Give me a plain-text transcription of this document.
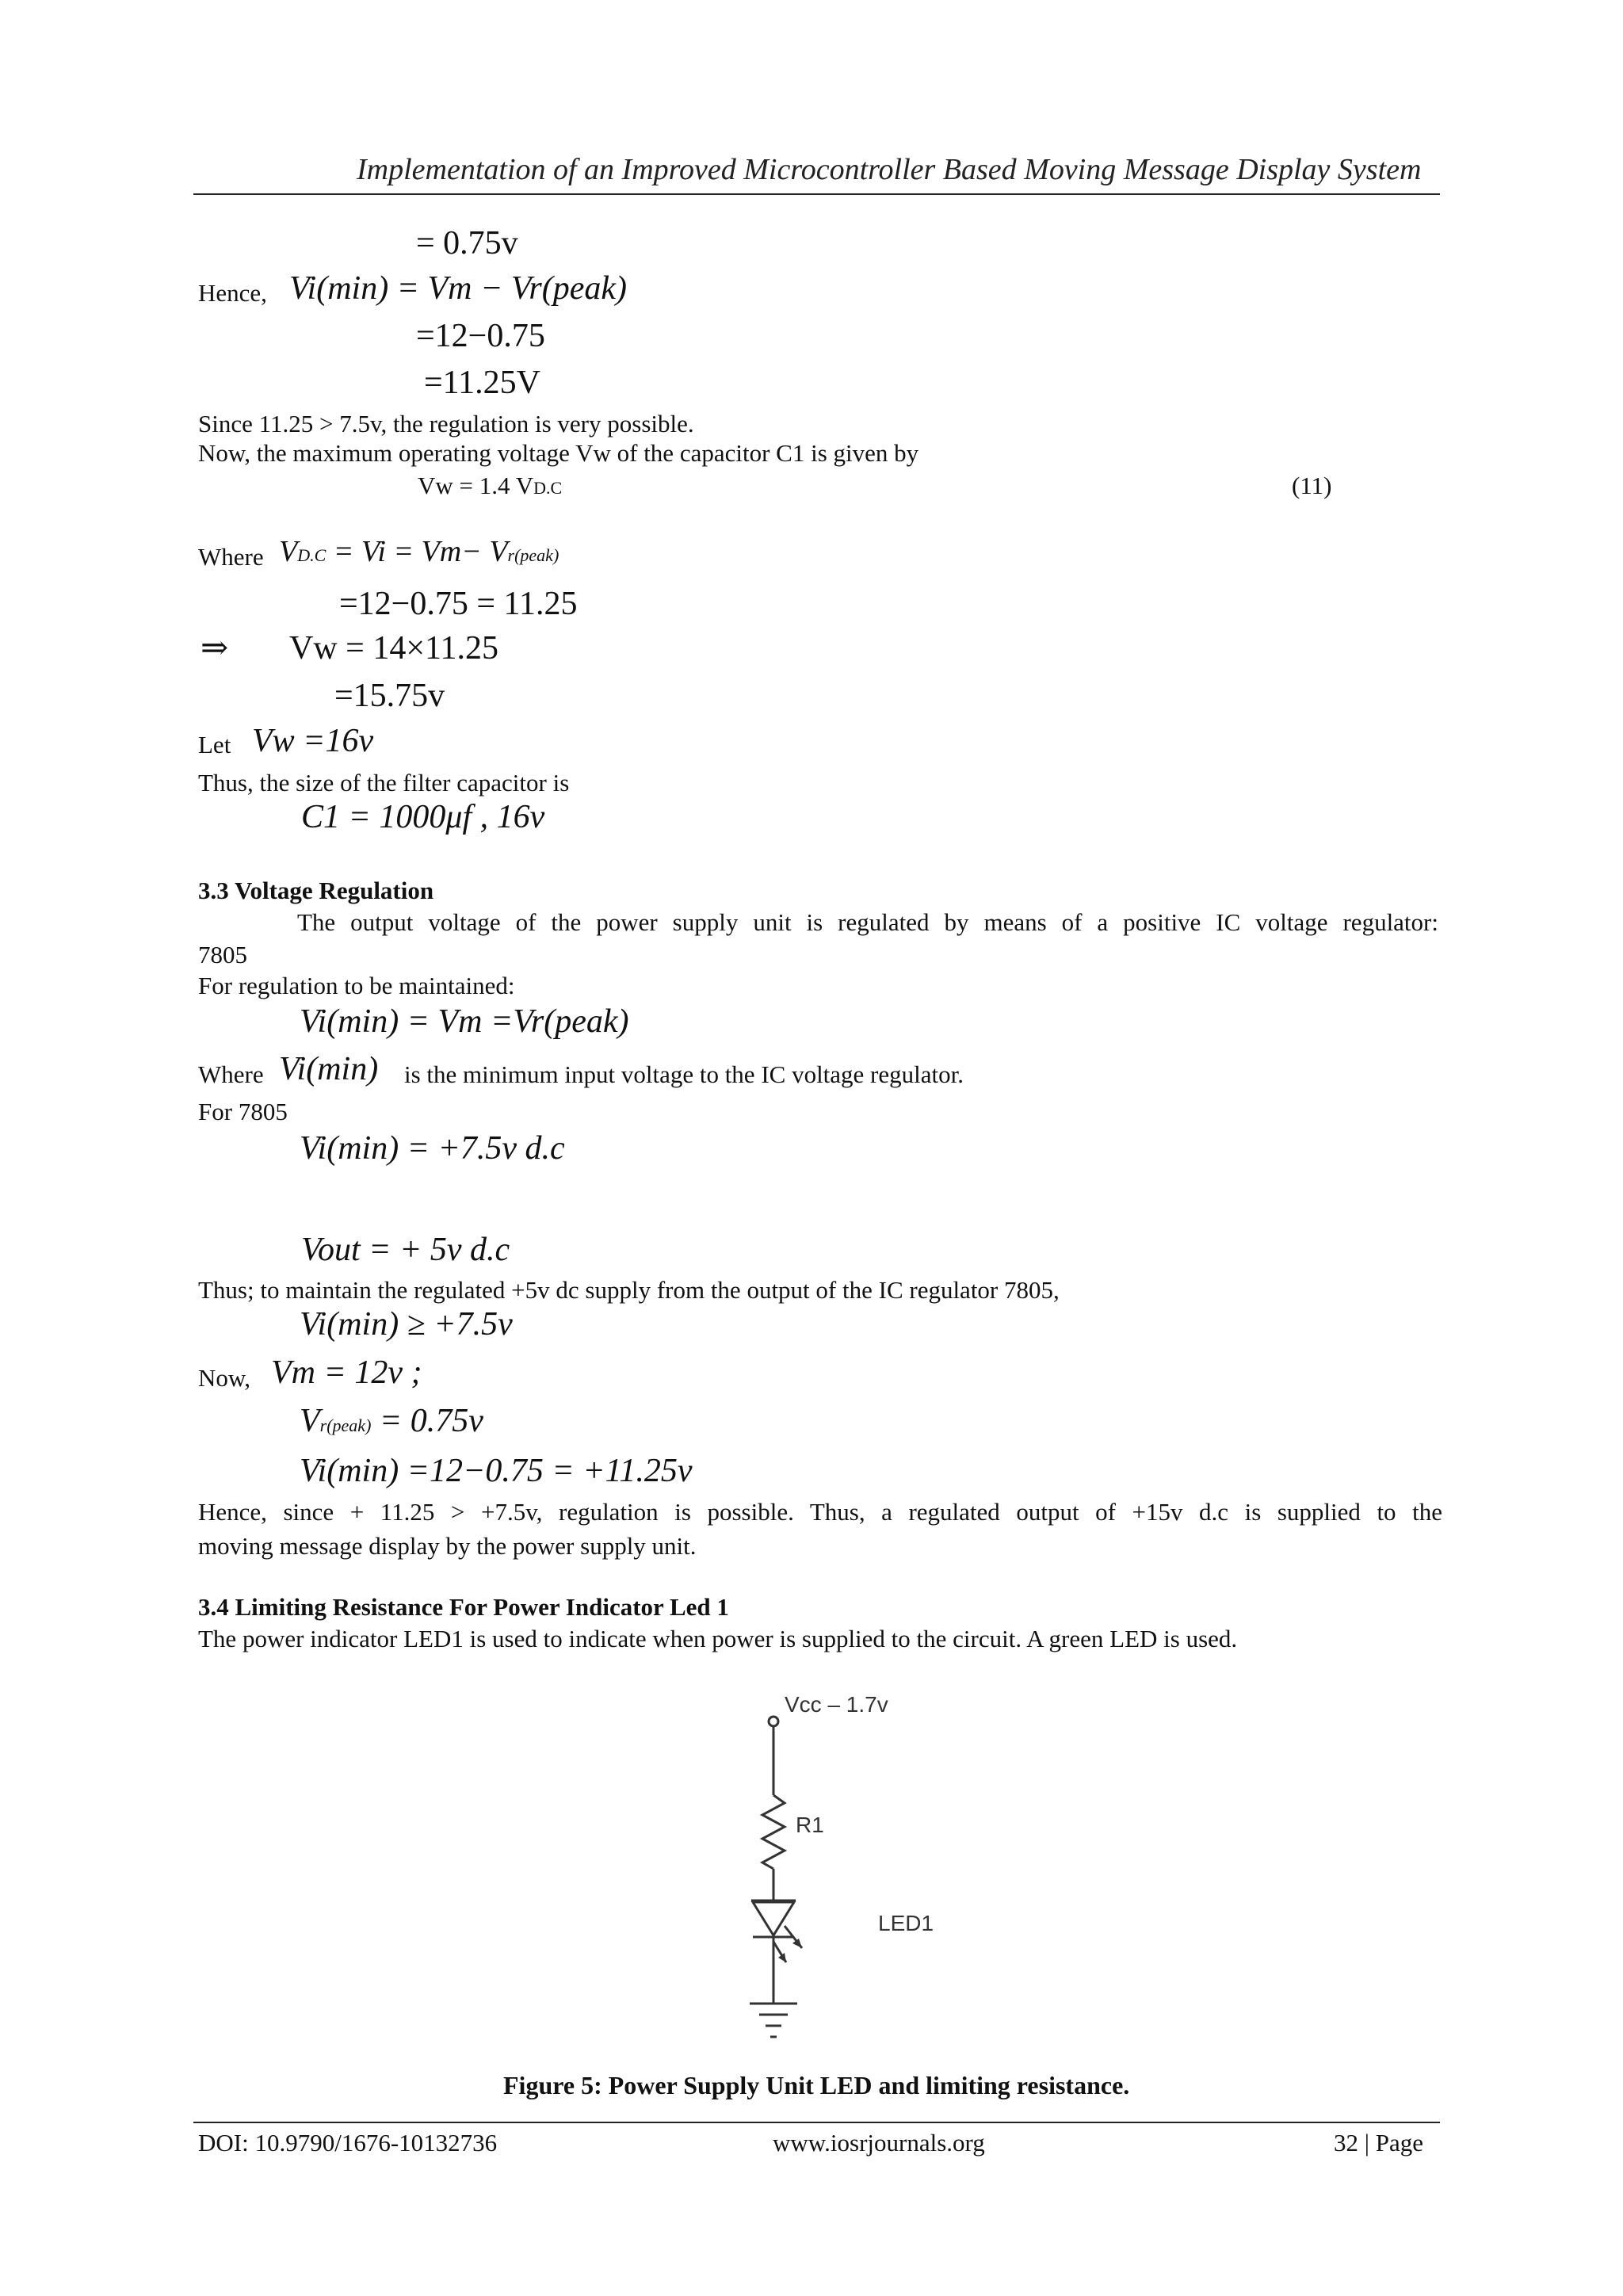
Implementation of an Improved Microcontroller Based Moving Message Display System
= 0.75v
Hence, Vi(min) = Vm − Vr(peak)
=12−0.75
=11.25V
Since 11.25 > 7.5v, the regulation is very possible.
Now, the maximum operating voltage Vw of the capacitor C1 is given by
Vw = 1.4 VD.C	(11)
Where VD.C = Vi = Vm− Vr(peak)
=12−0.75 = 11.25
⇒ Vw = 14×11.25
=15.75v
Let Vw =16v
Thus, the size of the filter capacitor is
C1 = 1000μf , 16v
3.3 Voltage Regulation
The output voltage of the power supply unit is regulated by means of a positive IC voltage regulator:
7805
For regulation to be maintained:
Vi(min) = Vm =Vr(peak)
Where Vi(min) is the minimum input voltage to the IC voltage regulator.
For 7805
Vi(min) = +7.5v d.c
Vout = + 5v d.c
Thus; to maintain the regulated +5v dc supply from the output of the IC regulator 7805,
Vi(min) ≥ +7.5v
Now, Vm = 12v ;
Vr(peak) = 0.75v
Vi(min) =12−0.75 = +11.25v
Hence, since + 11.25 > +7.5v, regulation is possible. Thus, a regulated output of +15v d.c is supplied to the
moving message display by the power supply unit.
3.4 Limiting Resistance For Power Indicator Led 1
The power indicator LED1 is used to indicate when power is supplied to the circuit. A green LED is used.
Vcc – 1.7v
R1
LED1
Figure 5: Power Supply Unit LED and limiting resistance.
DOI: 10.9790/1676-10132736	www.iosrjournals.org	32 | Page
